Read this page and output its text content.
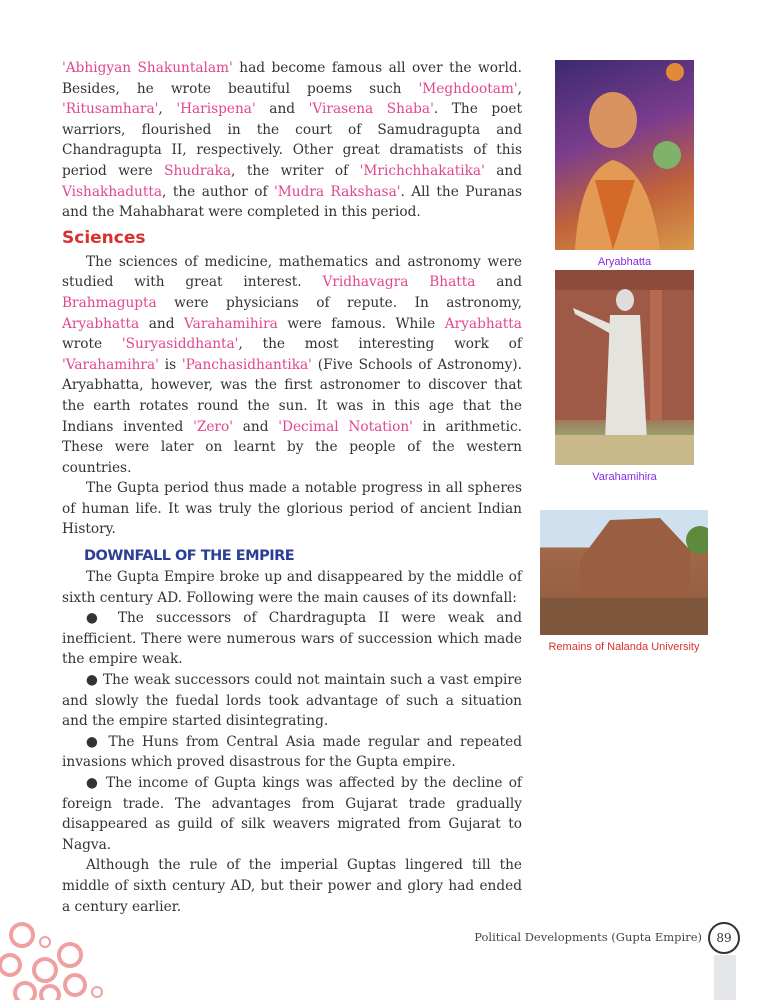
'Abhigyan Shakuntalam' had become famous all over the world. Besides, he wrote beautiful poems such 'Meghdootam', 'Ritusamhara', 'Harispena' and 'Virasena Shaba'. The poet warriors, flourished in the court of Samudragupta and Chandragupta II, respectively. Other great dramatists of this period were Shudraka, the writer of 'Mrichchhakatika' and Vishakhadutta, the author of 'Mudra Rakshasa'. All the Puranas and the Mahabharat were completed in this period.

Sciences

The sciences of medicine, mathematics and astronomy were studied with great interest. Vridhavagra Bhatta and Brahmagupta were physicians of repute. In astronomy, Aryabhatta and Varahamihira were famous. While Aryabhatta wrote 'Suryasiddhanta', the most interesting work of 'Varahamihra' is 'Panchasidhantika' (Five Schools of Astronomy). Aryabhatta, however, was the first astronomer to discover that the earth rotates round the sun. It was in this age that the Indians invented 'Zero' and 'Decimal Notation' in arithmetic. These were later on learnt by the people of the western countries.

The Gupta period thus made a notable progress in all spheres of human life. It was truly the glorious period of ancient Indian History.

DOWNFALL OF THE EMPIRE

The Gupta Empire broke up and disappeared by the middle of sixth century AD. Following were the main causes of its downfall:

● The successors of Chardragupta II were weak and inefficient. There were numerous wars of succession which made the empire weak.

● The weak successors could not maintain such a vast empire and slowly the fuedal lords took advantage of such a situation and the empire started disintegrating.

● The Huns from Central Asia made regular and repeated invasions which proved disastrous for the Gupta empire.

● The income of Gupta kings was affected by the decline of foreign trade. The advantages from Gujarat trade gradually disappeared as guild of silk weavers migrated from Gujarat to Nagva.

Although the rule of the imperial Guptas lingered till the middle of sixth century AD, but their power and glory had ended a century earlier.

Aryabhatta
Varahamihira
Remains of Nalanda University
Political Developments (Gupta Empire)	89
